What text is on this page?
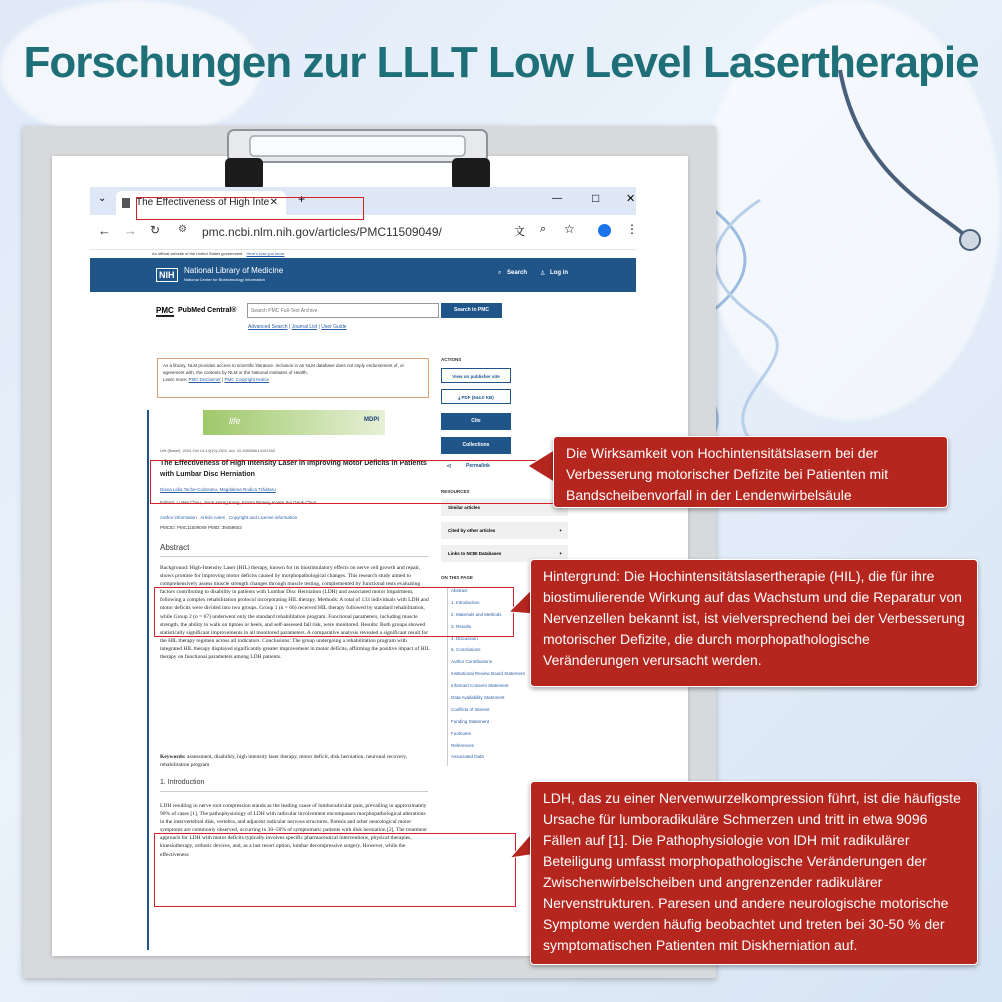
Forschungen zur LLLT Low Level Lasertherapie
⌄	The Effectiveness of High Inte ✕ +	—	□ ✕
← → ↻ ⚙ pmc.ncbi.nlm.nih.gov/articles/PMC11509049/	文 ⌕ ☆	⋮
An official website of the United States government Here's how you know
NIH	National Library of Medicine
National Center for Biotechnology Information
⌕ Search ♙ Log in
PMC PubMed Central®
Search PMC Full-Text Archive	Search in PMC
Advanced Search | Journal List | User Guide
As a library, NLM provides access to scientific literature. Inclusion in an NLM database does not imply endorsement of, or agreement with, the contents by NLM or the National Institutes of Health.
Learn more: PMC Disclaimer | PMC Copyright Notice
life	MDPI
Life (Basel). 2024 Oct 14;14(10):1302. doi: 10.3390/life14101302
The Effectiveness of High Intensity Laser in Improving Motor Deficits in Patients with Lumbar Disc Herniation
Diana Lidia Tache-Codreanu, Magdalena Rodica Trăistaru
Editors: Li Wei Chou, Jiunn Horng Kang, Krisna Piravej, Karen Sui Geok Chua
Author information Article notes Copyright and License information
PMCID: PMC11509049 PMID: 39459602
Abstract
Background: High-Intensity Laser (HIL) therapy, known for its biostimulatory effects on nerve cell growth and repair, shows promise for improving motor deficits caused by morphopathological changes. This research study aimed to comprehensively assess muscle strength changes through muscle testing, complemented by functional tests evaluating factors contributing to disability in patients with Lumbar Disc Herniation (LDH) and associated motor impairment, following a complex rehabilitation protocol incorporating HIL therapy. Methods: A total of 133 individuals with LDH and motor deficits were divided into two groups. Group 1 (n = 66) received HIL therapy followed by standard rehabilitation, while Group 2 (n = 67) underwent only the standard rehabilitation program. Functional parameters, including muscle strength, the ability to walk on tiptoes or heels, and self-assessed fall risk, were monitored. Results: Both groups showed statistically significant improvements in all monitored parameters. A comparative analysis revealed a significant result for the HIL therapy regimen across all indicators. Conclusions: The group undergoing a rehabilitation program with integrated HIL therapy displayed significantly greater improvement in motor deficits, affirming the positive impact of HIL therapy on functional parameters among LDH patients.
Keywords: assessment, disability, high intensity laser therapy, motor deficit, disk herniation, neuronal recovery, rehabilitation program
1. Introduction
LDH resulting in nerve root compression stands as the leading cause of lumboradicular pain, prevailing in approximately 90% of cases [1]. The pathophysiology of LDH with radicular involvement encompasses morphopathological alterations in the intervertebral disk, vertebra, and adjacent radicular nervous structures. Paresis and other neurological motor symptoms are commonly observed, occurring in 30–50% of symptomatic patients with disk herniation [2]. The treatment approach for LDH with motor deficits typically involves specific pharmaceutical interventions, physical therapies, kinesiotherapy, orthotic devices, and, as a last resort option, lumbar decompressive surgery. However, while the effectiveness
ACTIONS
View on publisher site
⤓ PDF (644.0 KB)
Cite
Collections
⋖	Permalink
RESOURCES
Similar articles
Cited by other articles	+
Links to NCBI Databases	+
ON THIS PAGE
Abstract
1. Introduction
2. Materials and Methods
3. Results
4. Discussion
5. Conclusions
Author Contributions
Institutional Review Board Statement
Informed Consent Statement
Data Availability Statement
Conflicts of Interest
Funding Statement
Footnotes
References
Associated Data
Die Wirksamkeit von Hochintensitätslasern bei der Verbesserung motorischer Defizite bei Patienten mit Bandscheibenvorfall in der Lendenwirbelsäule
Hintergrund: Die Hochintensitätslasertherapie (HIL), die für ihre biostimulierende Wirkung auf das Wachstum und die Reparatur von Nervenzellen bekannt ist, ist vielversprechend bei der Verbesserung motorischer Defizite, die durch morphopathologische Veränderungen verursacht werden.
LDH, das zu einer Nervenwurzelkompression führt, ist die häufigste Ursache für lumboradikuläre Schmerzen und tritt in etwa 9096 Fällen auf [1]. Die Pathophysiologie von lDH mit radikulärer Beteiligung umfasst morphopathologische Veränderungen der Zwischenwirbelscheiben und angrenzender radikulärer Nervenstrukturen. Paresen und andere neurologische motorische Symptome werden häufig beobachtet und treten bei 30-50 % der symptomatischen Patienten mit Diskherniation auf.
